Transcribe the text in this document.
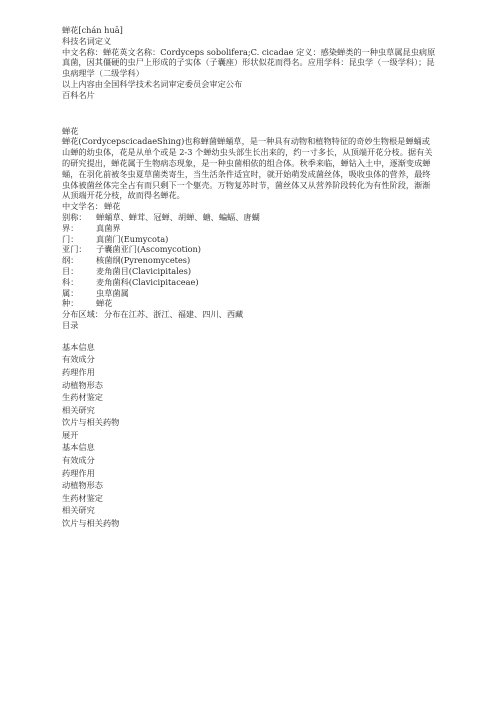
蝉花[chán huā]
科技名词定义
中文名称：蝉花英文名称：Cordyceps sobolifera;C. cicadae 定义：感染蝉类的一种虫草属昆虫病原真菌，因其僵硬的虫尸上形成的子实体（子囊座）形状似花而得名。应用学科：昆虫学（一级学科）；昆虫病理学（二级学科）
以上内容由全国科学技术名词审定委员会审定公布
百科名片
蝉花
蝉花(CordycepscicadaeShing)也称蝉菌蝉蛹草，是一种具有动物和植物特征的奇妙生物根是蝉蛹或山蝉的幼虫体，花是从单个或是 2-3 个蝉幼虫头部生长出来的，约一寸多长，从顶端开花分枝。据有关的研究提出，蝉花属于生物病态现象，是一种虫菌相依的组合体。秋季来临，蝉钻入土中，逐渐变成蝉蛹，在羽化前被冬虫夏草菌类寄生，当生活条件适宜时，就开始萌发成菌丝体，吸收虫体的营养，最终虫体被菌丝体完全占有而只剩下一个躯壳。万物复苏时节，菌丝体又从营养阶段转化为有性阶段，渐渐从顶端开花分枝，故而得名蝉花。
中文学名： 蝉花
别称：	蝉蛹草、蝉茸、冠蝉、胡蝉、螗、蝙蝠、唐蝴
界：	真菌界
门：	真菌门(Eumycota)
亚门：	子囊菌亚门(Ascomycotion)
纲：	核菌纲(Pyrenomycetes)
目：	麦角菌目(Clavicipitales)
科：	麦角菌科(Clavicipitaceae)
属：	虫草菌属
种：	蝉花
分布区域： 分布在江苏、浙江、福建、四川、西藏
目录
基本信息
有效成分
药理作用
动植物形态
生药材鉴定
相关研究
饮片与相关药物
展开
基本信息
有效成分
药理作用
动植物形态
生药材鉴定
相关研究
饮片与相关药物
